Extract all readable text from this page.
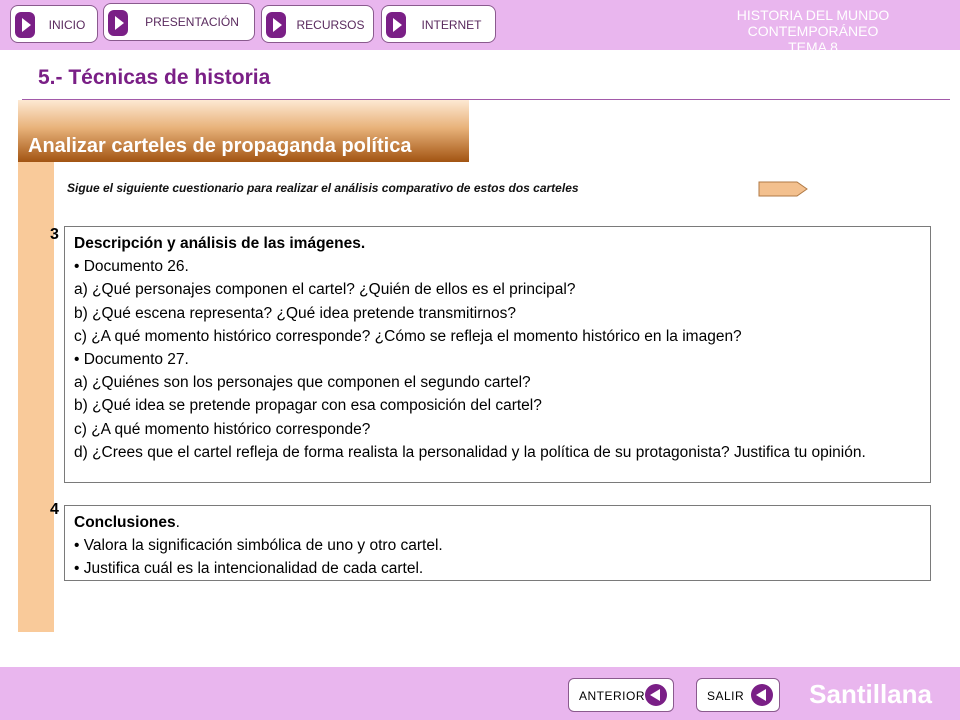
INICIO	PRESENTACIÓN	RECURSOS	INTERNET
HISTORIA DEL MUNDO CONTEMPORÁNEO
TEMA 8
5.- Técnicas de historia
Analizar carteles de propaganda política
Sigue el siguiente cuestionario para realizar el análisis comparativo de estos dos carteles
3
Descripción y análisis de las imágenes.
• Documento 26.
a) ¿Qué personajes componen el cartel? ¿Quién de ellos es el principal?
b) ¿Qué escena representa? ¿Qué idea pretende transmitirnos?
c) ¿A qué momento histórico corresponde? ¿Cómo se refleja el momento histórico en la imagen?
• Documento 27.
a) ¿Quiénes son los personajes que componen el segundo cartel?
b) ¿Qué idea se pretende propagar con esa composición del cartel?
c) ¿A qué momento histórico corresponde?
d) ¿Crees que el cartel refleja de forma realista la personalidad y la política de su protagonista? Justifica tu opinión.
4
Conclusiones.
• Valora la significación simbólica de uno y otro cartel.
• Justifica cuál es la intencionalidad de cada cartel.
ANTERIOR	SALIR Santillana
